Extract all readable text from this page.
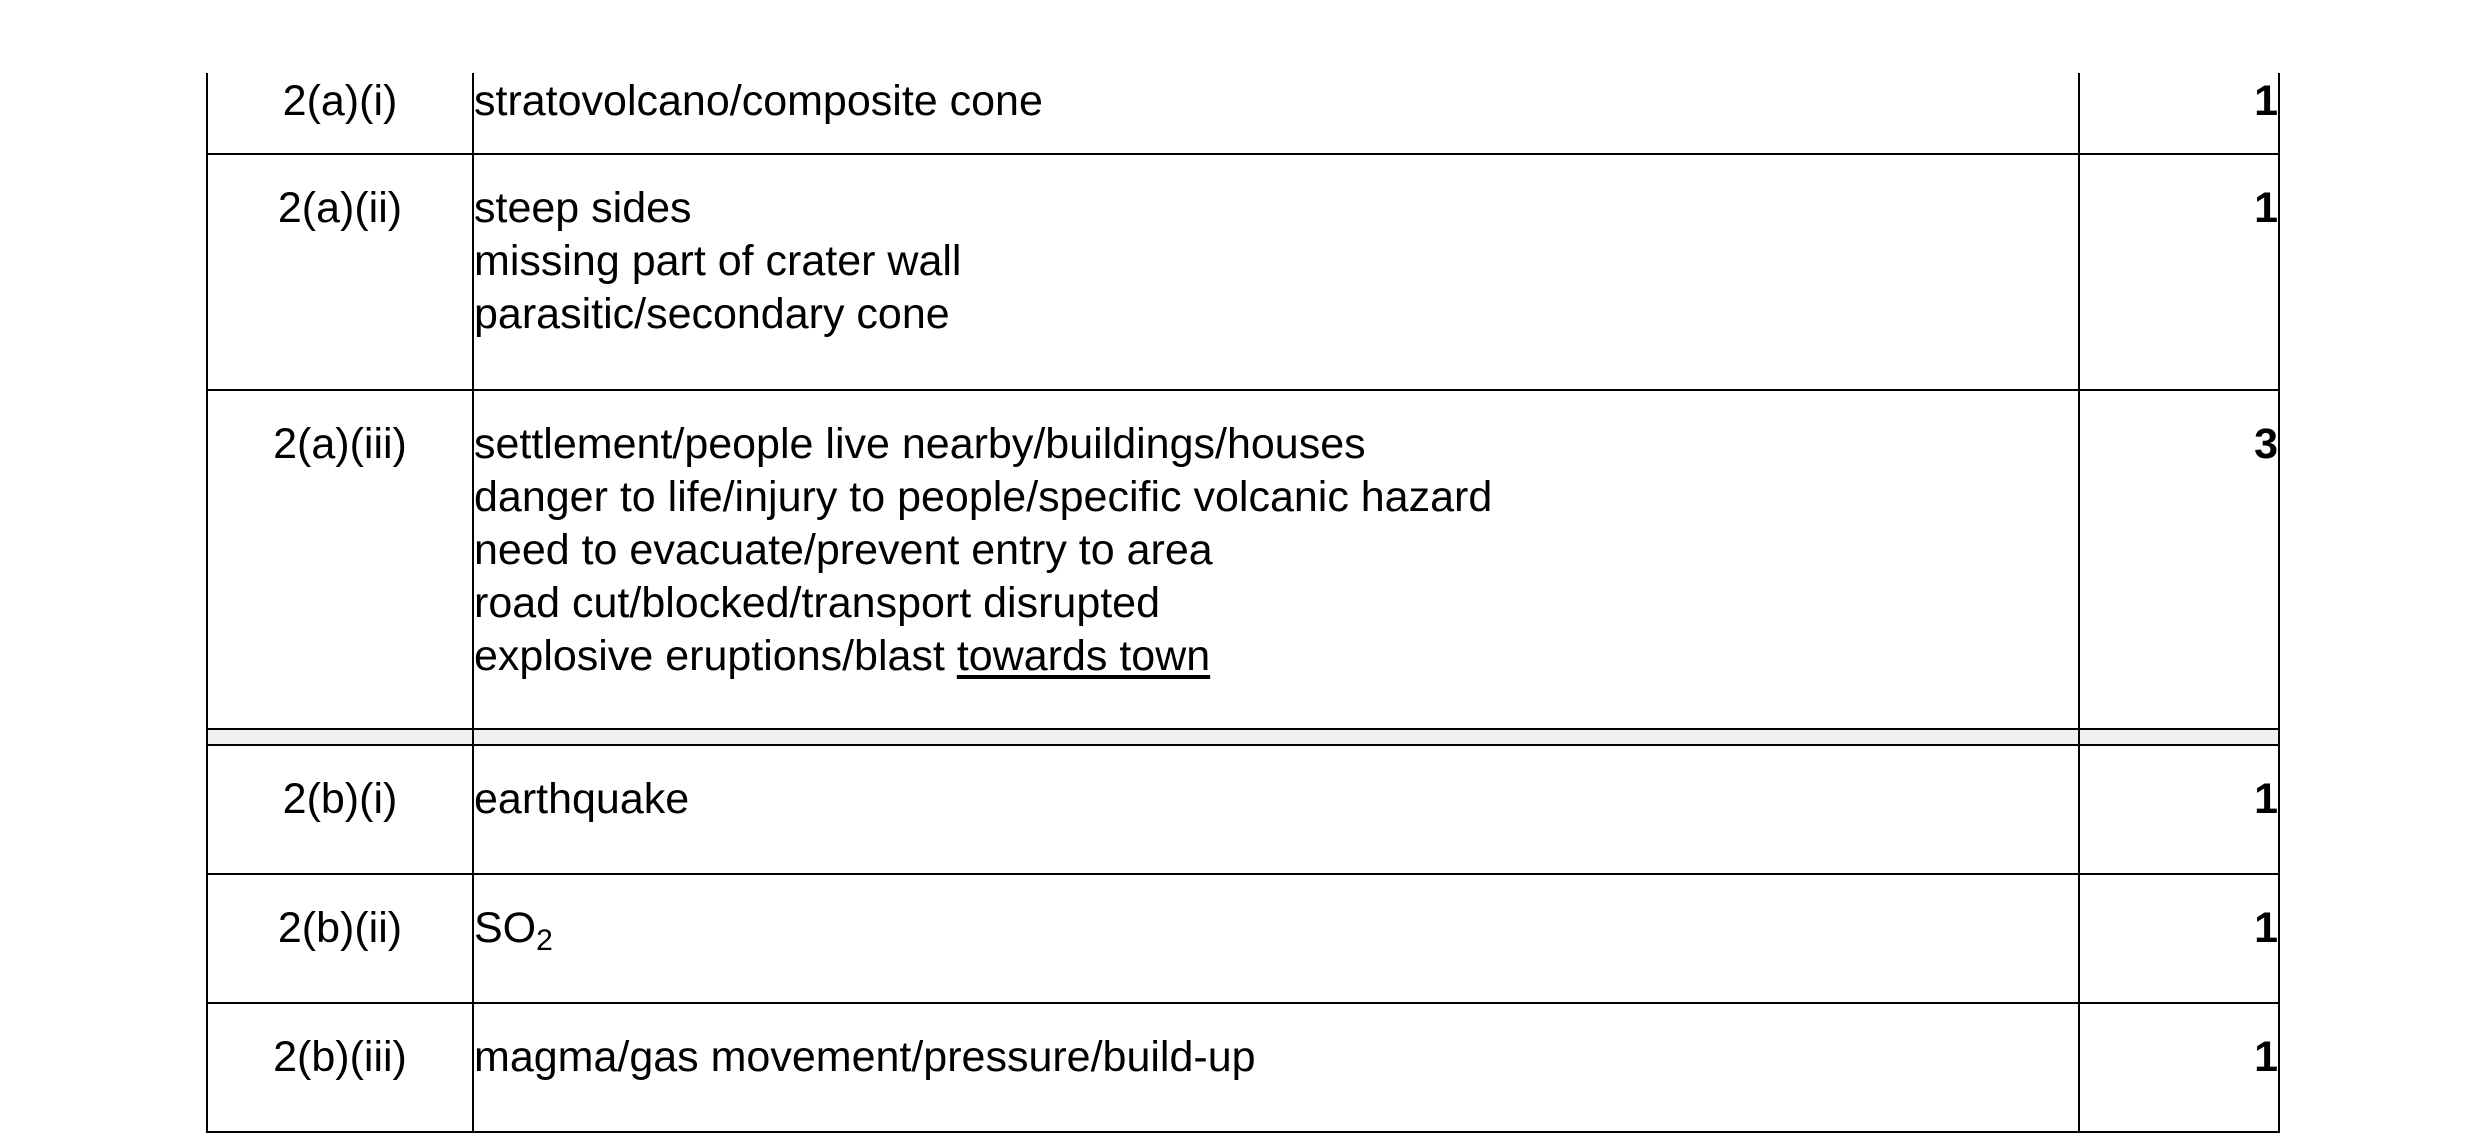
2(a)(i)	stratovolcano/composite cone	1
2(a)(ii)	steep sides
missing part of crater wall
parasitic/secondary cone	1
2(a)(iii)	settlement/people live nearby/buildings/houses
danger to life/injury to people/specific volcanic hazard
need to evacuate/prevent entry to area
road cut/blocked/transport disrupted
explosive eruptions/blast towards town	3

2(b)(i)	earthquake	1
2(b)(ii)	$SO_2$	1
2(b)(iii)	magma/gas movement/pressure/build-up	1
